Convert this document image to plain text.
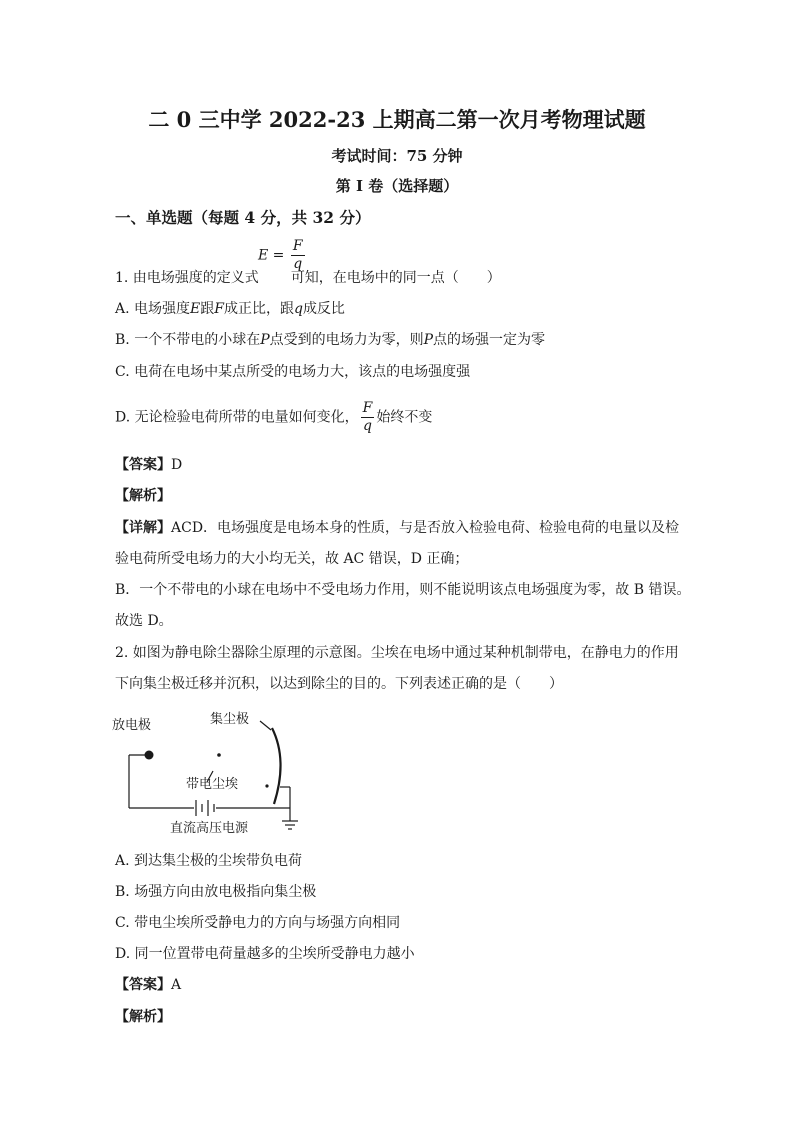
二 0 三中学 2022-23 上期高二第一次月考物理试题
考试时间：75 分钟
第 I 卷（选择题）
一、单选题（每题 4 分，共 32 分）
$E = \frac{F}{q}$
1. 由电场强度的定义式 可知，在电场中的同一点（　　）
A. 电场强度E跟F成正比，跟q成反比
B. 一个不带电的小球在P点受到的电场力为零，则P点的场强一定为零
C. 电荷在电场中某点所受的电场力大，该点的电场强度强
D. 无论检验电荷所带的电量如何变化， $\frac{F}{q}$ 始终不变
【答案】D
【解析】
【详解】ACD．电场强度是电场本身的性质，与是否放入检验电荷、检验电荷的电量以及检
验电荷所受电场力的大小均无关，故 AC 错误，D 正确；
B．一个不带电的小球在电场中不受电场力作用，则不能说明该点电场强度为零，故 B 错误。
故选 D。
2. 如图为静电除尘器除尘原理的示意图。尘埃在电场中通过某种机制带电，在静电力的作用
下向集尘极迁移并沉积，以达到除尘的目的。下列表述正确的是（　　）
放电极	集尘极
带电尘埃
直流高压电源
A. 到达集尘极的尘埃带负电荷
B. 场强方向由放电极指向集尘极
C. 带电尘埃所受静电力的方向与场强方向相同
D. 同一位置带电荷量越多的尘埃所受静电力越小
【答案】A
【解析】
